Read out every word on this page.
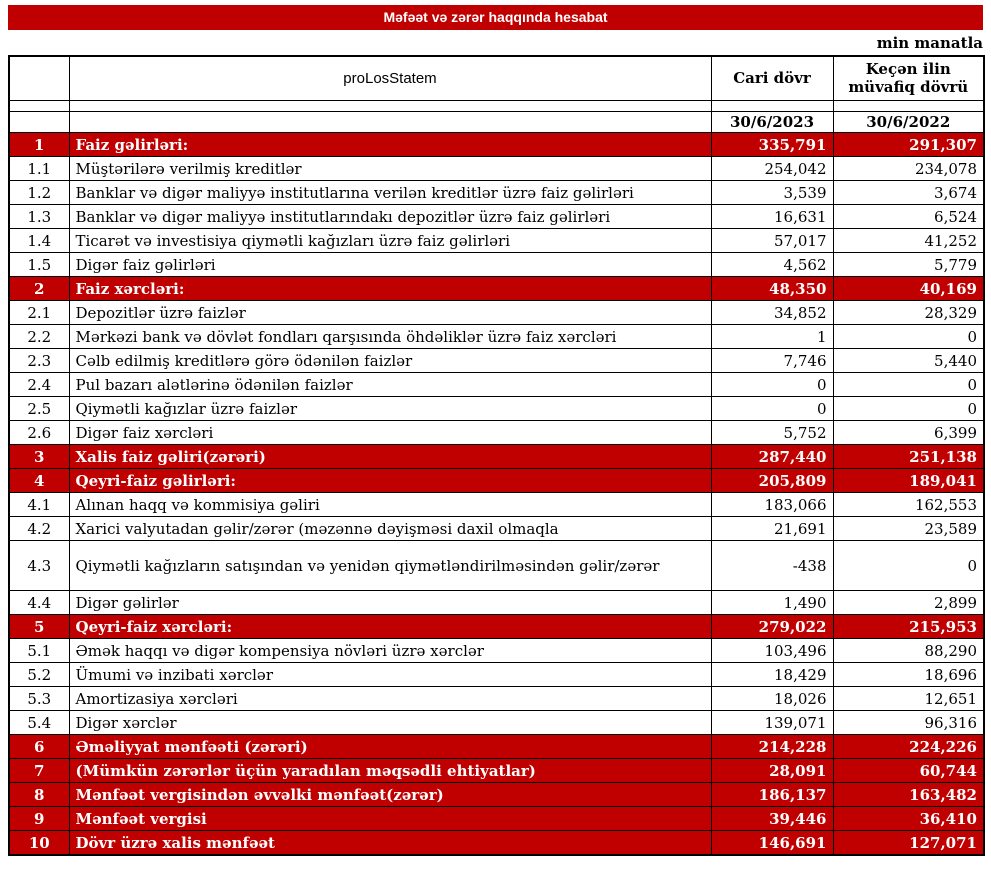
Məfəət və zərər haqqında hesabat
min manatla
	proLosStatem	Cari dövr	Keçən ilin müvafiq dövrü

		30/6/2023	30/6/2022
1	Faiz gəlirləri:	335,791	291,307
1.1	Müştərilərə verilmiş kreditlər	254,042	234,078
1.2	Banklar və digər maliyyə institutlarına verilən kreditlər üzrə faiz gəlirləri	3,539	3,674
1.3	Banklar və digər maliyyə institutlarındakı depozitlər üzrə faiz gəlirləri	16,631	6,524
1.4	Ticarət və investisiya qiymətli kağızları üzrə faiz gəlirləri	57,017	41,252
1.5	Digər faiz gəlirləri	4,562	5,779
2	Faiz xərcləri:	48,350	40,169
2.1	Depozitlər üzrə faizlər	34,852	28,329
2.2	Mərkəzi bank və dövlət fondları qarşısında öhdəliklər üzrə faiz xərcləri	1	0
2.3	Cəlb edilmiş kreditlərə görə ödənilən faizlər	7,746	5,440
2.4	Pul bazarı alətlərinə ödənilən faizlər	0	0
2.5	Qiymətli kağızlar üzrə faizlər	0	0
2.6	Digər faiz xərcləri	5,752	6,399
3	Xalis faiz gəliri(zərəri)	287,440	251,138
4	Qeyri-faiz gəlirləri:	205,809	189,041
4.1	Alınan haqq və kommisiya gəliri	183,066	162,553
4.2	Xarici valyutadan gəlir/zərər (məzənnə dəyişməsi daxil olmaqla	21,691	23,589
4.3	Qiymətli kağızların satışından və yenidən qiymətləndirilməsindən gəlir/zərər	-438	0
4.4	Digər gəlirlər	1,490	2,899
5	Qeyri-faiz xərcləri:	279,022	215,953
5.1	Əmək haqqı və digər kompensiya növləri üzrə xərclər	103,496	88,290
5.2	Ümumi və inzibati xərclər	18,429	18,696
5.3	Amortizasiya xərcləri	18,026	12,651
5.4	Digər xərclər	139,071	96,316
6	Əməliyyat mənfəəti (zərəri)	214,228	224,226
7	(Mümkün zərərlər üçün yaradılan məqsədli ehtiyatlar)	28,091	60,744
8	Mənfəət vergisindən əvvəlki mənfəət(zərər)	186,137	163,482
9	Mənfəət vergisi	39,446	36,410
10	Dövr üzrə xalis mənfəət	146,691	127,071
